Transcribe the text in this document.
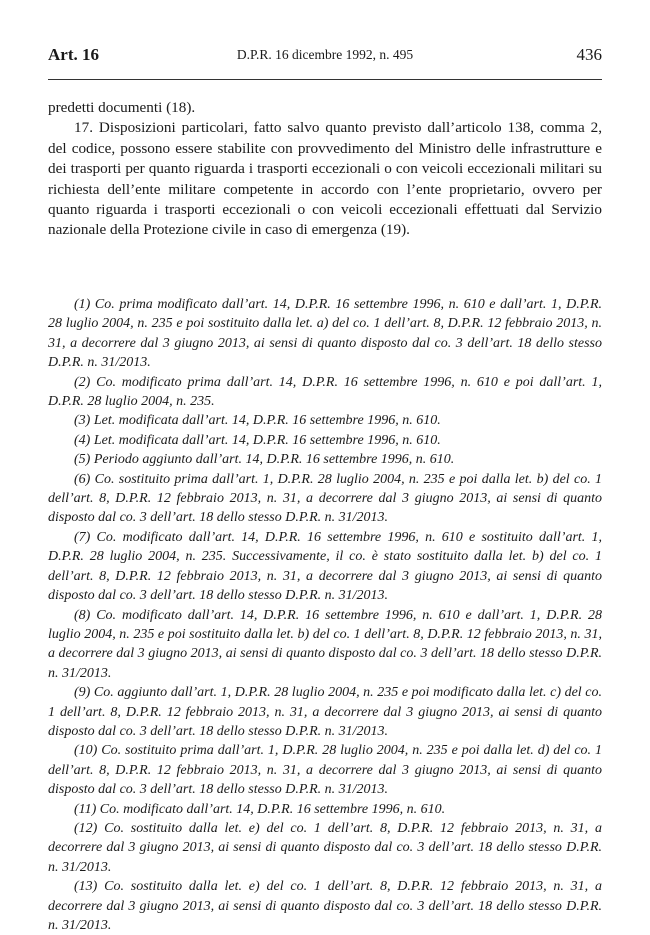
Art. 16	D.P.R. 16 dicembre 1992, n. 495	436

predetti documenti (18).

17. Disposizioni particolari, fatto salvo quanto previsto dall’articolo 138, comma 2, del codice, possono essere stabilite con provvedimento del Ministro delle infrastrutture e dei trasporti per quanto riguarda i trasporti eccezionali o con veicoli eccezionali militari su richiesta dell’ente militare competente in accordo con l’ente proprietario, ovvero per quanto riguarda i trasporti eccezionali o con veicoli eccezionali effettuati dal Servizio nazionale della Protezione civile in caso di emergenza (19).

(1) Co. prima modificato dall’art. 14, D.P.R. 16 settembre 1996, n. 610 e dall’art. 1, D.P.R. 28 luglio 2004, n. 235 e poi sostituito dalla let. a) del co. 1 dell’art. 8, D.P.R. 12 febbraio 2013, n. 31, a decorrere dal 3 giugno 2013, ai sensi di quanto disposto dal co. 3 dell’art. 18 dello stesso D.P.R. n. 31/2013.

(2) Co. modificato prima dall’art. 14, D.P.R. 16 settembre 1996, n. 610 e poi dall’art. 1, D.P.R. 28 luglio 2004, n. 235.

(3) Let. modificata dall’art. 14, D.P.R. 16 settembre 1996, n. 610.

(4) Let. modificata dall’art. 14, D.P.R. 16 settembre 1996, n. 610.

(5) Periodo aggiunto dall’art. 14, D.P.R. 16 settembre 1996, n. 610.

(6) Co. sostituito prima dall’art. 1, D.P.R. 28 luglio 2004, n. 235 e poi dalla let. b) del co. 1 dell’art. 8, D.P.R. 12 febbraio 2013, n. 31, a decorrere dal 3 giugno 2013, ai sensi di quanto disposto dal co. 3 dell’art. 18 dello stesso D.P.R. n. 31/2013.

(7) Co. modificato dall’art. 14, D.P.R. 16 settembre 1996, n. 610 e sostituito dall’art. 1, D.P.R. 28 luglio 2004, n. 235. Successivamente, il co. è stato sostituito dalla let. b) del co. 1 dell’art. 8, D.P.R. 12 febbraio 2013, n. 31, a decorrere dal 3 giugno 2013, ai sensi di quanto disposto dal co. 3 dell’art. 18 dello stesso D.P.R. n. 31/2013.

(8) Co. modificato dall’art. 14, D.P.R. 16 settembre 1996, n. 610 e dall’art. 1, D.P.R. 28 luglio 2004, n. 235 e poi sostituito dalla let. b) del co. 1 dell’art. 8, D.P.R. 12 febbraio 2013, n. 31, a decorrere dal 3 giugno 2013, ai sensi di quanto disposto dal co. 3 dell’art. 18 dello stesso D.P.R. n. 31/2013.

(9) Co. aggiunto dall’art. 1, D.P.R. 28 luglio 2004, n. 235 e poi modificato dalla let. c) del co. 1 dell’art. 8, D.P.R. 12 febbraio 2013, n. 31, a decorrere dal 3 giugno 2013, ai sensi di quanto disposto dal co. 3 dell’art. 18 dello stesso D.P.R. n. 31/2013.

(10) Co. sostituito prima dall’art. 1, D.P.R. 28 luglio 2004, n. 235 e poi dalla let. d) del co. 1 dell’art. 8, D.P.R. 12 febbraio 2013, n. 31, a decorrere dal 3 giugno 2013, ai sensi di quanto disposto dal co. 3 dell’art. 18 dello stesso D.P.R. n. 31/2013.

(11) Co. modificato dall’art. 14, D.P.R. 16 settembre 1996, n. 610.

(12) Co. sostituito dalla let. e) del co. 1 dell’art. 8, D.P.R. 12 febbraio 2013, n. 31, a decorrere dal 3 giugno 2013, ai sensi di quanto disposto dal co. 3 dell’art. 18 dello stesso D.P.R. n. 31/2013.

(13) Co. sostituito dalla let. e) del co. 1 dell’art. 8, D.P.R. 12 febbraio 2013, n. 31, a decorrere dal 3 giugno 2013, ai sensi di quanto disposto dal co. 3 dell’art. 18 dello stesso D.P.R. n. 31/2013.
